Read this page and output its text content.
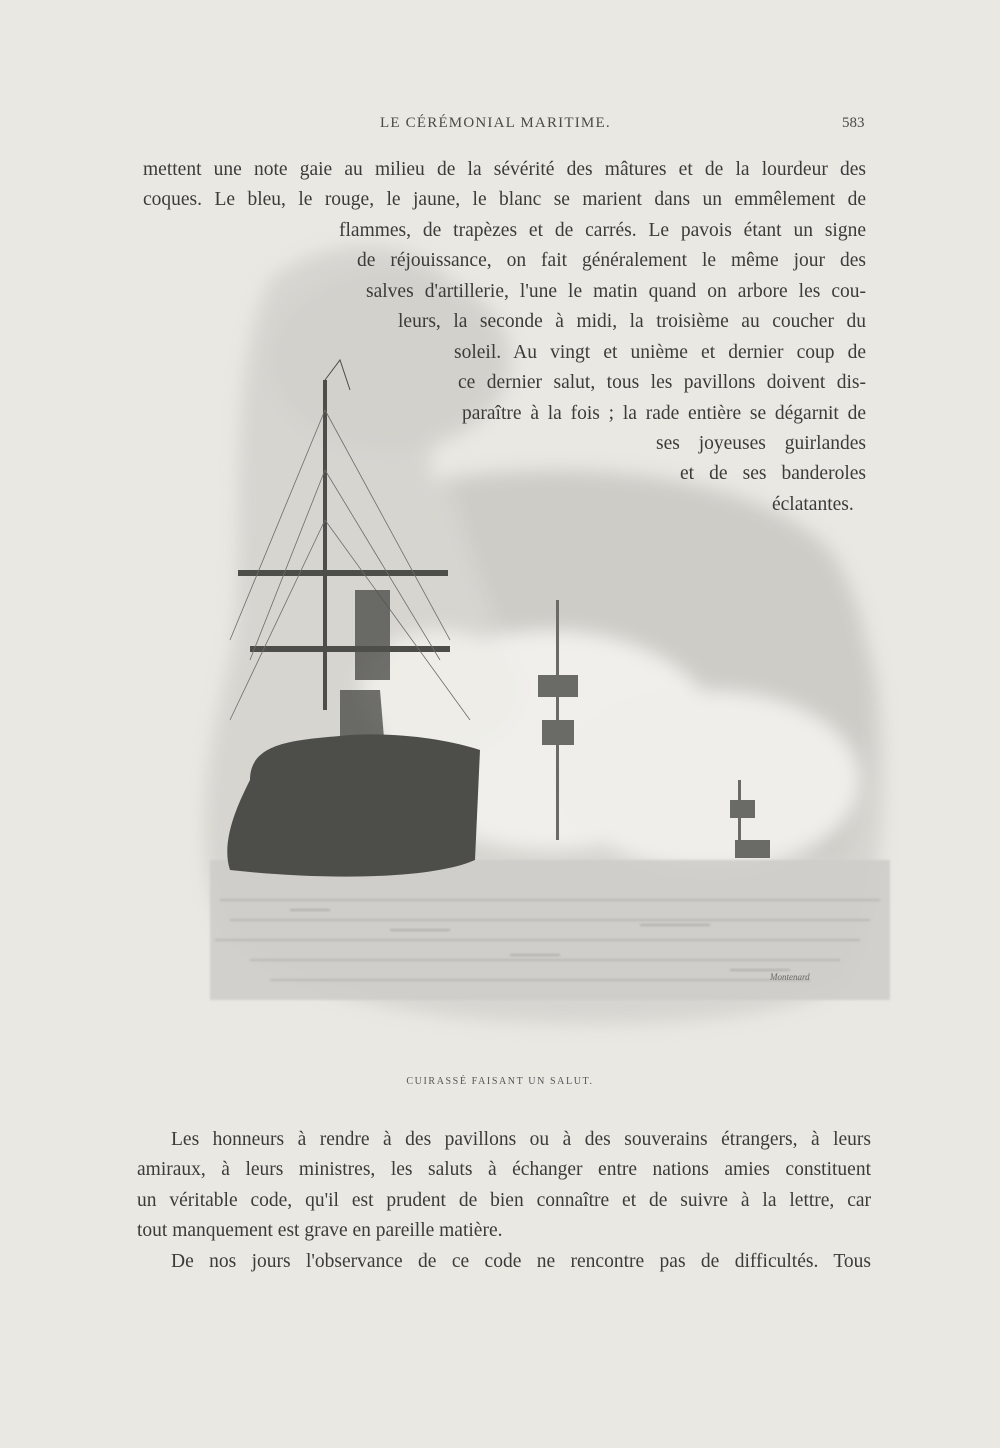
LE CÉRÉMONIAL MARITIME.	583
Montenard
mettent une note gaie au milieu de la sévérité des mâtures et de la lourdeur des
coques. Le bleu, le rouge, le jaune, le blanc se marient dans un emmêlement de
flammes, de trapèzes et de carrés. Le pavois étant un signe
de réjouissance, on fait généralement le même jour des
salves d'artillerie, l'une le matin quand on arbore les cou-
leurs, la seconde à midi, la troisième au coucher du
soleil. Au vingt et unième et dernier coup de
ce dernier salut, tous les pavillons doivent dis-
paraître à la fois ; la rade entière se dégarnit de
ses joyeuses guirlandes
et de ses banderoles
éclatantes.
CUIRASSÉ FAISANT UN SALUT.
Les honneurs à rendre à des pavillons ou à des souverains étrangers, à leurs
amiraux, à leurs ministres, les saluts à échanger entre nations amies constituent
un véritable code, qu'il est prudent de bien connaître et de suivre à la lettre, car
tout manquement est grave en pareille matière.
De nos jours l'observance de ce code ne rencontre pas de difficultés. Tous
